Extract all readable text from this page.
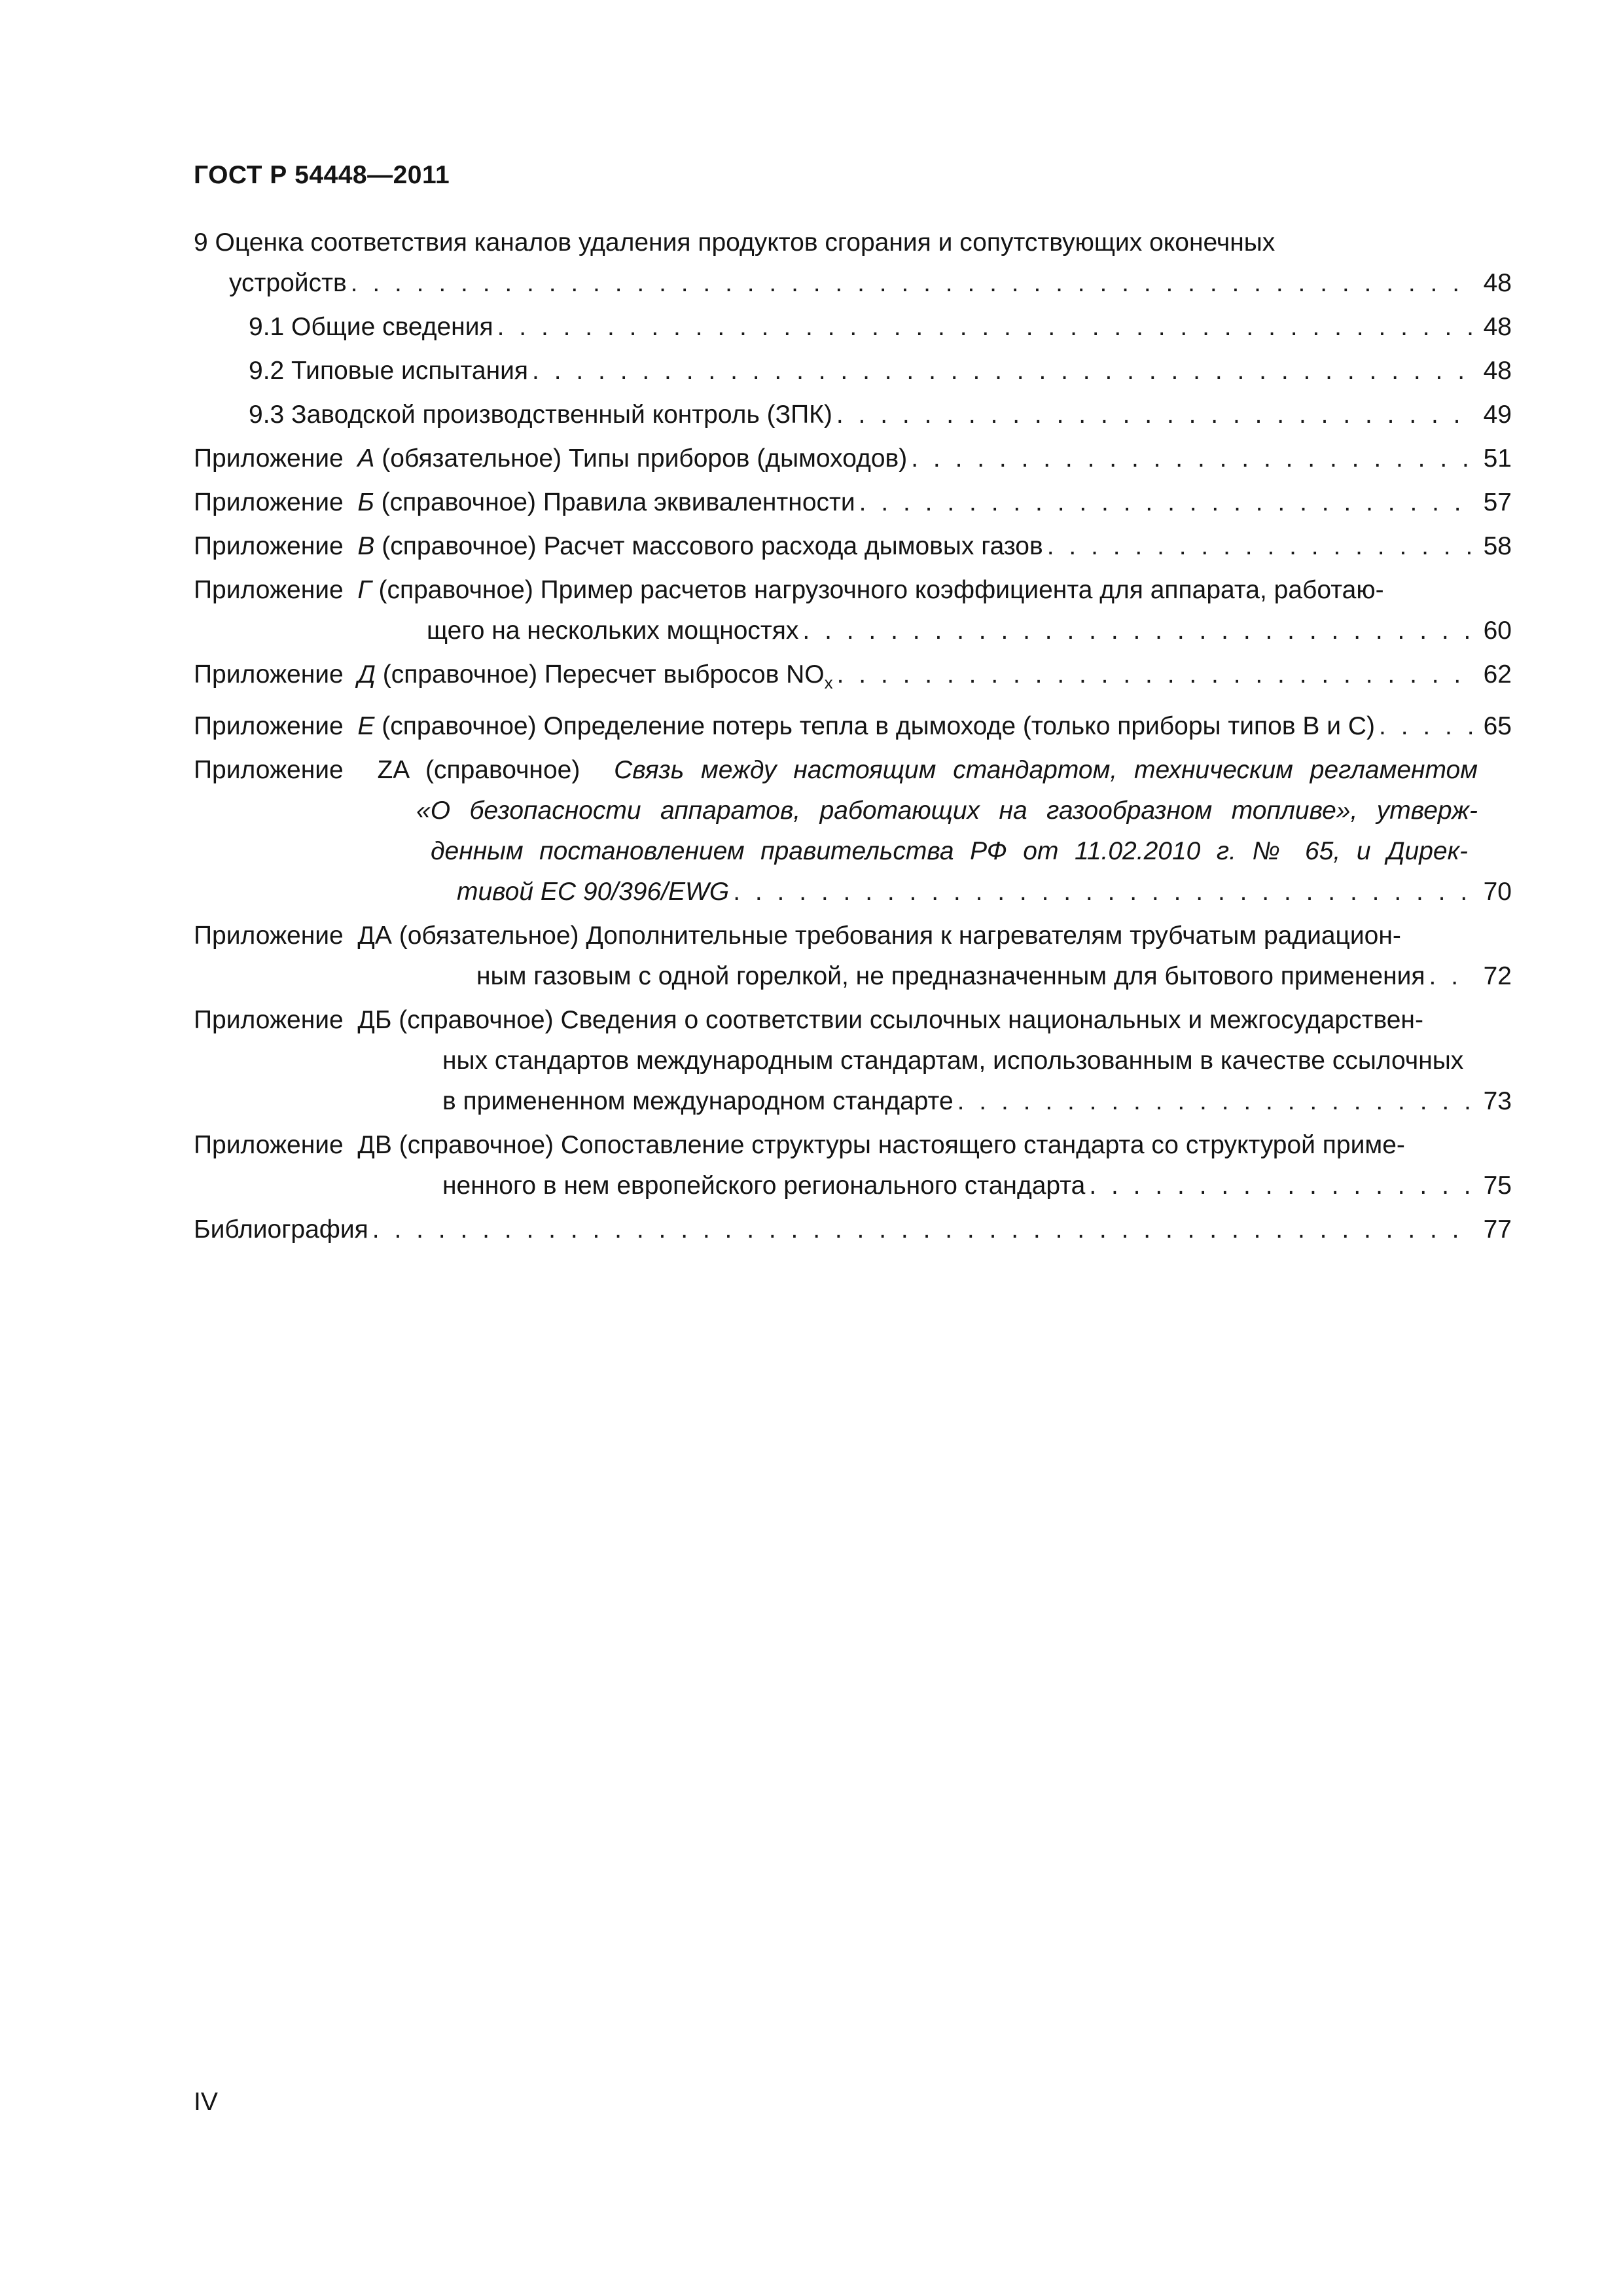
ГОСТ Р 54448—2011
9 Оценка соответствия каналов удаления продуктов сгорания и сопутствующих оконечных
устройств . . .	48
9.1 Общие сведения . . .	48
9.2 Типовые испытания . . .	48
9.3 Заводской производственный контроль (ЗПК) . . .	49
Приложение А (обязательное) Типы приборов (дымоходов) . . .	51
Приложение Б (справочное) Правила эквивалентности . . .	57
Приложение В (справочное) Расчет массового расхода дымовых газов . . .	58
Приложение Г (справочное) Пример расчетов нагрузочного коэффициента для аппарата, работаю-
щего на нескольких мощностях . . .	60
Приложение Д (справочное) Пересчет выбросов $NO_x$ . . .	62
Приложение Е (справочное) Определение потерь тепла в дымоходе (только приборы типов В и С) . . .	65
Приложение ZA (справочное) Связь между настоящим стандартом, техническим регламентом
«О безопасности аппаратов, работающих на газообразном топливе», утверж-
денным постановлением правительства РФ от 11.02.2010 г. № 65, и Дирек-
тивой ЕС 90/396/EWG . . .	70
Приложение ДА (обязательное) Дополнительные требования к нагревателям трубчатым радиацион-
ным газовым с одной горелкой, не предназначенным для бытового применения . . . 72
Приложение ДБ (справочное) Сведения о соответствии ссылочных национальных и межгосударствен-
ных стандартов международным стандартам, использованным в качестве ссылочных
в примененном международном стандарте . . .	73
Приложение ДВ (справочное) Сопоставление структуры настоящего стандарта со структурой приме-
ненного в нем европейского регионального стандарта . . .	75
Библиография . . .	77
IV
